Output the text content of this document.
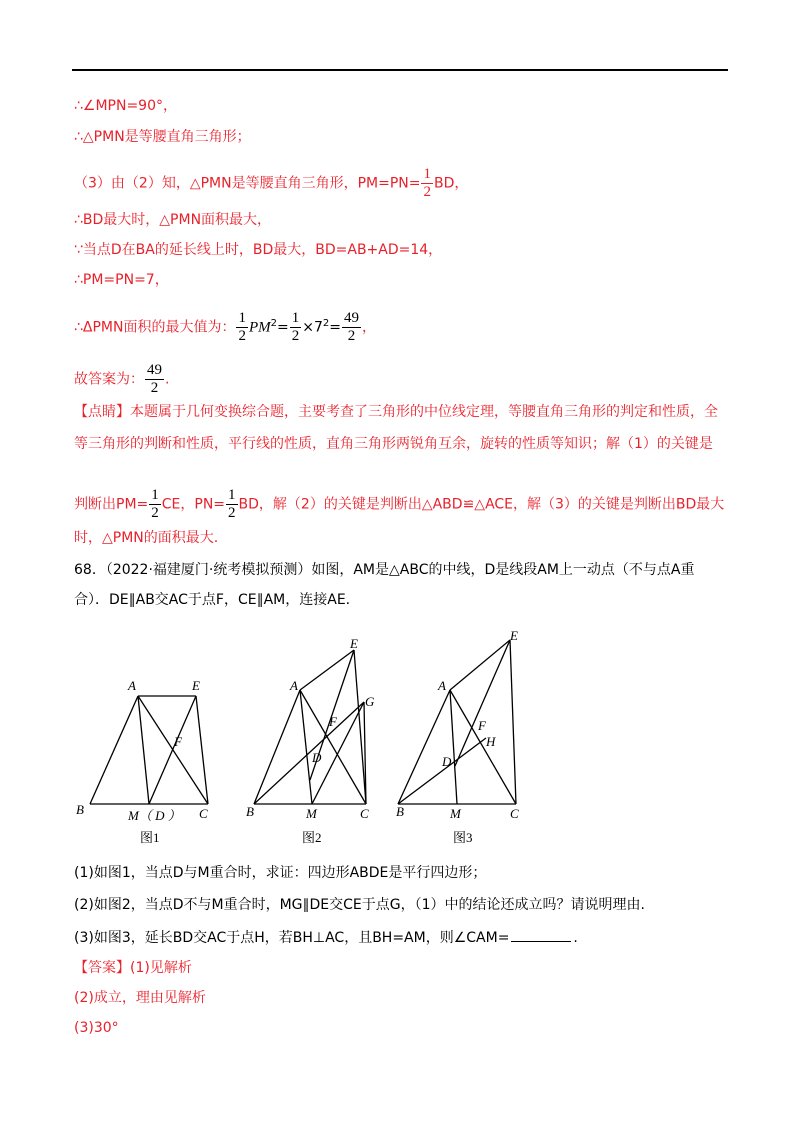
∴∠MPN=90°，
∴△PMN是等腰直角三角形；
（3）由（2）知，△PMN是等腰直角三角形，$PM=PN= \frac{1}{2}$ BD，
∴BD最大时，△PMN面积最大，
∵当点D在BA的延长线上时，BD最大，BD=AB+AD=14，
∴PM=PN=7，
∴ΔPMN面积的最大值为： $\frac{1}{2} PM^2= \frac{1}{2} \times 7^2= \frac{49}{2}$ ，
故答案为： $\frac{49}{2}$ .
【点睛】本题属于几何变换综合题，主要考查了三角形的中位线定理，等腰直角三角形的判定和性质，全
等三角形的判断和性质，平行线的性质，直角三角形两锐角互余，旋转的性质等知识；解（1）的关键是
判断出$PM= \frac{1}{2}$ CE，$PN= \frac{1}{2}$ BD，解（2）的关键是判断出△ABD≌△ACE，解（3）的关键是判断出BD最大
时，△PMN的面积最大.
68．（2022·福建厦门·统考模拟预测）如图，AM是△ABC的中线，D是线段AM上一动点（不与点A重
合）．DE∥AB交AC于点F，CE∥AM，连接AE.
A	E
F
B	M（ D ） C
E
A
G
F
D
B	M	C
E
A
F
H
D
B	M	C
图1	图2	图3
(1)如图1，当点D与M重合时，求证：四边形ABDE是平行四边形；
(2)如图2，当点D不与M重合时，MG∥DE交CE于点G，（1）中的结论还成立吗？请说明理由.
(3)如图3，延长BD交AC于点H，若BH⊥AC，且BH=AM，则∠CAM=	.
【答案】(1)见解析
(2)成立，理由见解析
(3)30°
